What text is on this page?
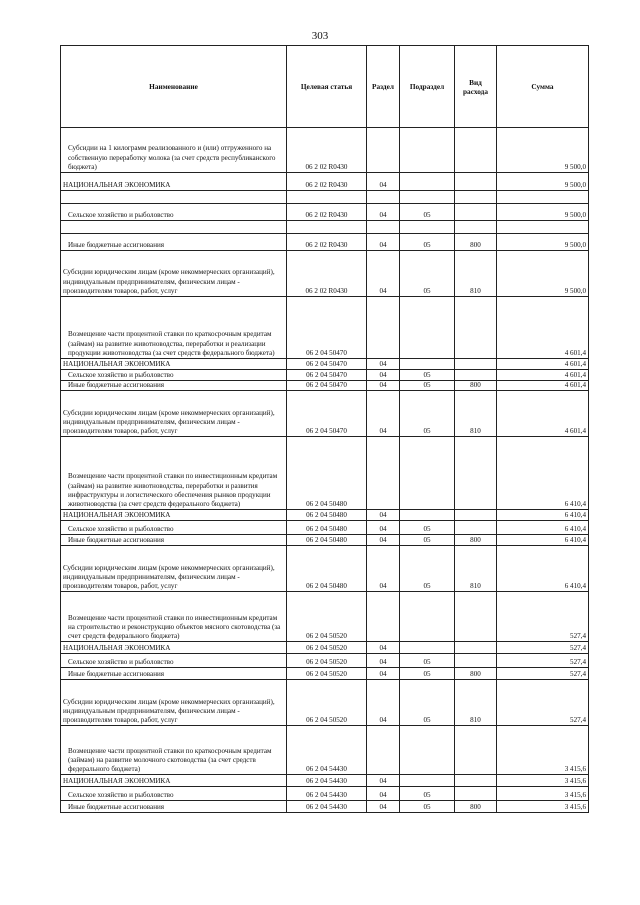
303
Наименование	Целевая статья	Раздел	Подраздел	Вид расхода	Сумма
Субсидии на 1 килограмм реализованного и (или) отгруженного на собственную переработку молока (за счет средств республиканского бюджета)	06 2 02 R0430				9 500,0
НАЦИОНАЛЬНАЯ ЭКОНОМИКА	06 2 02 R0430	04			9 500,0

Сельское хозяйство и рыболовство	06 2 02 R0430	04	05		9 500,0

Иные бюджетные ассигнования	06 2 02 R0430	04	05	800	9 500,0
Субсидии юридическим лицам (кроме некоммерческих организаций), индивидуальным предпринимателям, физическим лицам - производителям товаров, работ, услуг	06 2 02 R0430	04	05	810	9 500,0
Возмещение части процентной ставки по краткосрочным кредитам (займам) на развитие животноводства, переработки и реализации продукции животноводства (за счет средств федерального бюджета)	06 2 04 50470				4 601,4
НАЦИОНАЛЬНАЯ ЭКОНОМИКА	06 2 04 50470	04			4 601,4
Сельское хозяйство и рыболовство	06 2 04 50470	04	05		4 601,4
Иные бюджетные ассигнования	06 2 04 50470	04	05	800	4 601,4
Субсидии юридическим лицам (кроме некоммерческих организаций), индивидуальным предпринимателям, физическим лицам - производителям товаров, работ, услуг	06 2 04 50470	04	05	810	4 601,4
Возмещение части процентной ставки по инвестиционным кредитам (займам) на развитие животноводства, переработки и развития инфраструктуры и логистического обеспечения рынков продукции животноводства (за счет средств федерального бюджета)	06 2 04 50480				6 410,4
НАЦИОНАЛЬНАЯ ЭКОНОМИКА	06 2 04 50480	04			6 410,4
Сельское хозяйство и рыболовство	06 2 04 50480	04	05		6 410,4
Иные бюджетные ассигнования	06 2 04 50480	04	05	800	6 410,4
Субсидии юридическим лицам (кроме некоммерческих организаций), индивидуальным предпринимателям, физическим лицам - производителям товаров, работ, услуг	06 2 04 50480	04	05	810	6 410,4
Возмещение части процентной ставки по инвестиционным кредитам на строительство и реконструкцию объектов мясного скотоводства (за счет средств федерального бюджета)	06 2 04 50520				527,4
НАЦИОНАЛЬНАЯ ЭКОНОМИКА	06 2 04 50520	04			527,4
Сельское хозяйство и рыболовство	06 2 04 50520	04	05		527,4
Иные бюджетные ассигнования	06 2 04 50520	04	05	800	527,4
Субсидии юридическим лицам (кроме некоммерческих организаций), индивидуальным предпринимателям, физическим лицам - производителям товаров, работ, услуг	06 2 04 50520	04	05	810	527,4
Возмещение части процентной ставки по краткосрочным кредитам (займам) на развитие молочного скотоводства (за счет средств федерального бюджета)	06 2 04 54430				3 415,6
НАЦИОНАЛЬНАЯ ЭКОНОМИКА	06 2 04 54430	04			3 415,6
Сельское хозяйство и рыболовство	06 2 04 54430	04	05		3 415,6
Иные бюджетные ассигнования	06 2 04 54430	04	05	800	3 415,6
